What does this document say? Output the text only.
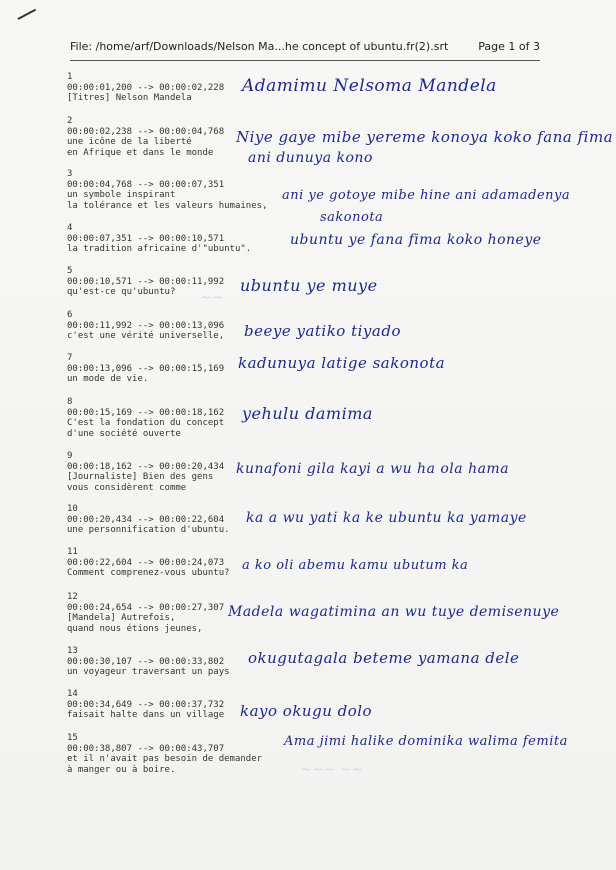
File: /home/arf/Downloads/Nelson Ma...he concept of ubuntu.fr(2).srt	Page 1 of 3
1
00:00:01,200 --> 00:00:02,228
[Titres] Nelson Mandela
Adamimu Nelsoma Mandela
2
00:00:02,238 --> 00:00:04,768
une icône de la liberté
en Afrique et dans le monde
Niye gaye mibe yereme konoya koko fana fima
ani dunuya kono
3
00:00:04,768 --> 00:00:07,351
un symbole inspirant
la tolérance et les valeurs humaines,
ani ye gotoye mibe hine ani adamadenya
sakonota
4
00:00:07,351 --> 00:00:10,571
la tradition africaine d'"ubuntu".
ubuntu ye fana fima koko honeye
5
00:00:10,571 --> 00:00:11,992
qu'est-ce qu'ubuntu?	ubuntu ye muye
6
00:00:11,992 --> 00:00:13,096
c'est une vérité universelle, beeye yatiko tiyado
7
00:00:13,096 --> 00:00:15,169
un mode de vie.
kadunuya latige sakonota
8
00:00:15,169 --> 00:00:18,162
C'est la fondation du concept
d'une société ouverte
yehulu damima
9
00:00:18,162 --> 00:00:20,434
[Journaliste] Bien des gens
vous considèrent comme
kunafoni gila kayi a wu ha ola hama
10
00:00:20,434 --> 00:00:22,604
une personnification d'ubuntu.
ka a wu yati ka ke ubuntu ka yamaye
11
00:00:22,604 --> 00:00:24,073
Comment comprenez-vous ubuntu? a ko oli abemu kamu ubutum ka
12
00:00:24,654 --> 00:00:27,307
[Mandela] Autrefois,
quand nous étions jeunes,
Madela wagatimina an wu tuye demisenuye
13
00:00:30,107 --> 00:00:33,802
un voyageur traversant un pays
okugutagala beteme yamana dele
14
00:00:34,649 --> 00:00:37,732
faisait halte dans un village kayo okugu dolo
15
00:00:38,807 --> 00:00:43,707
et il n'avait pas besoin de demander
à manger ou à boire.
Ama jimi halike dominika walima femita
~~
~~~ ~~
